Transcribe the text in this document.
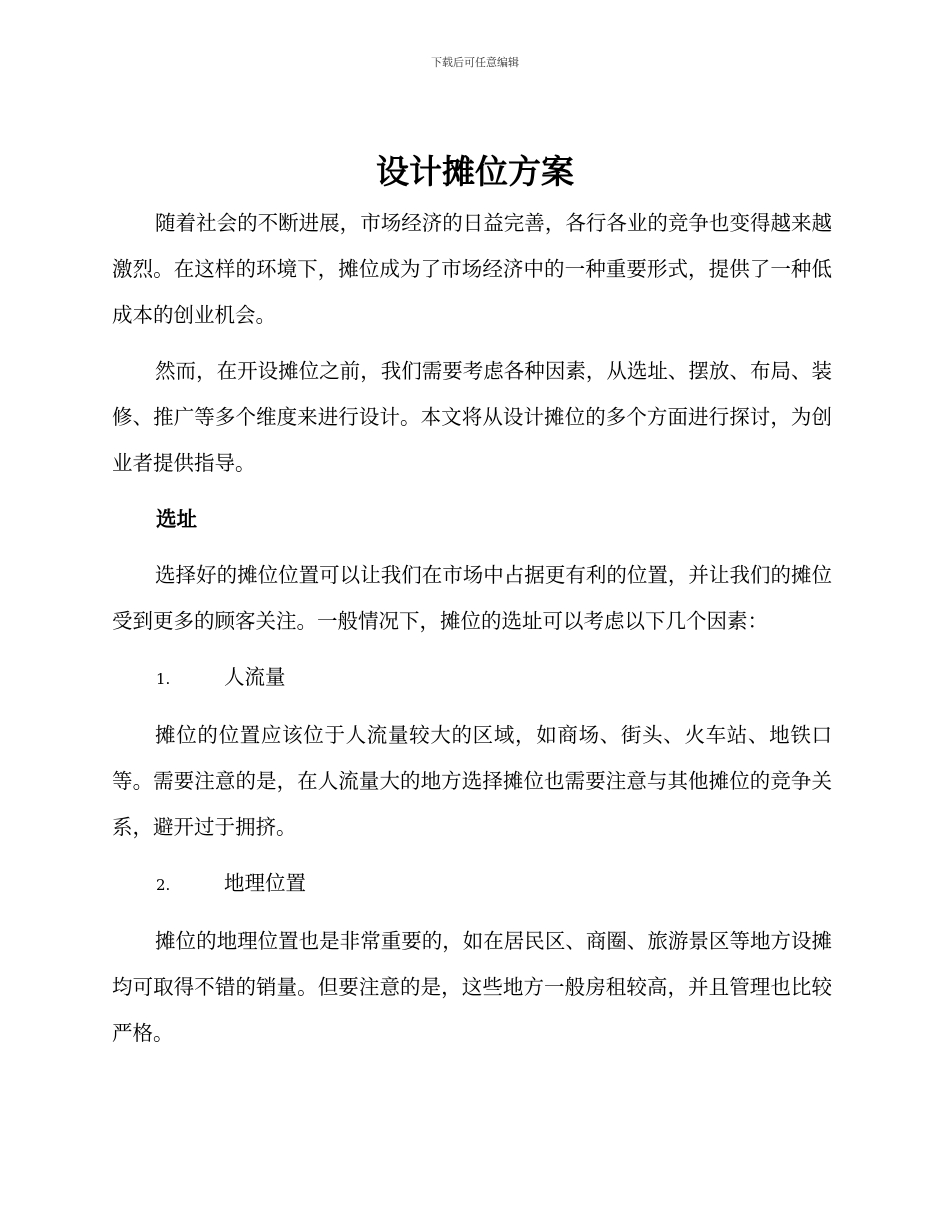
下载后可任意编辑
设计摊位方案

随着社会的不断进展，市场经济的日益完善，各行各业的竞争也变得越来越激烈。在这样的环境下，摊位成为了市场经济中的一种重要形式，提供了一种低成本的创业机会。

然而，在开设摊位之前，我们需要考虑各种因素，从选址、摆放、布局、装修、推广等多个维度来进行设计。本文将从设计摊位的多个方面进行探讨，为创业者提供指导。

选址

选择好的摊位位置可以让我们在市场中占据更有利的位置，并让我们的摊位受到更多的顾客关注。一般情况下，摊位的选址可以考虑以下几个因素：

1.	人流量

摊位的位置应该位于人流量较大的区域，如商场、街头、火车站、地铁口等。需要注意的是，在人流量大的地方选择摊位也需要注意与其他摊位的竞争关系，避开过于拥挤。

2.	地理位置

摊位的地理位置也是非常重要的，如在居民区、商圈、旅游景区等地方设摊均可取得不错的销量。但要注意的是，这些地方一般房租较高，并且管理也比较严格。
